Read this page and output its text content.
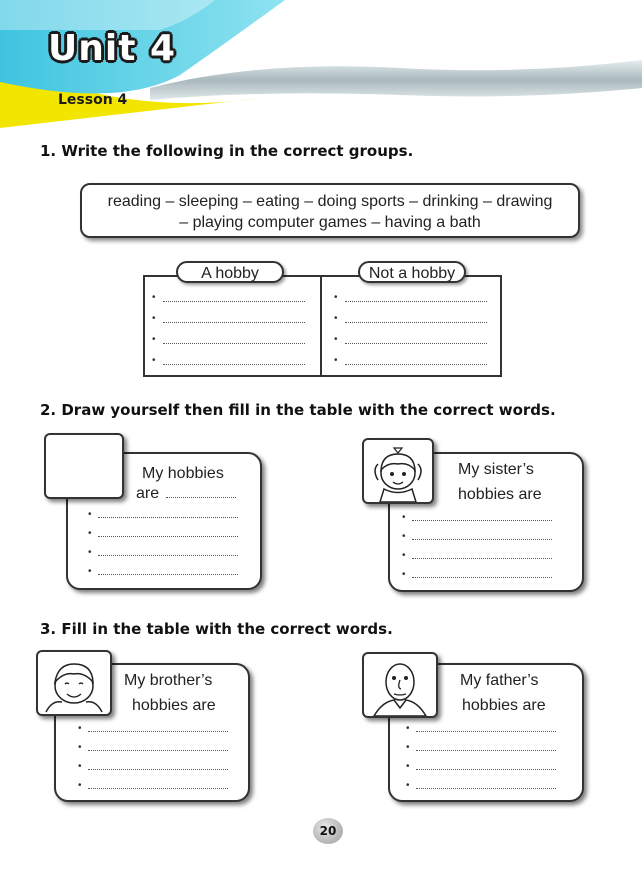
Unit 4
Lesson 4
1. Write the following in the correct groups.
reading – sleeping – eating – doing sports – drinking – drawing
– playing computer games – having a bath
•
•
•
•
•
•
•
•
A hobby	Not a hobby
2. Draw yourself then fill in the table with the correct words.
My hobbies
are
•
•
•
•
My sister’s
hobbies are
•
•
•
•
3. Fill in the table with the correct words.
My brother’s
hobbies are
•
•
•
•
My father’s
hobbies are
•
•
•
•
20
